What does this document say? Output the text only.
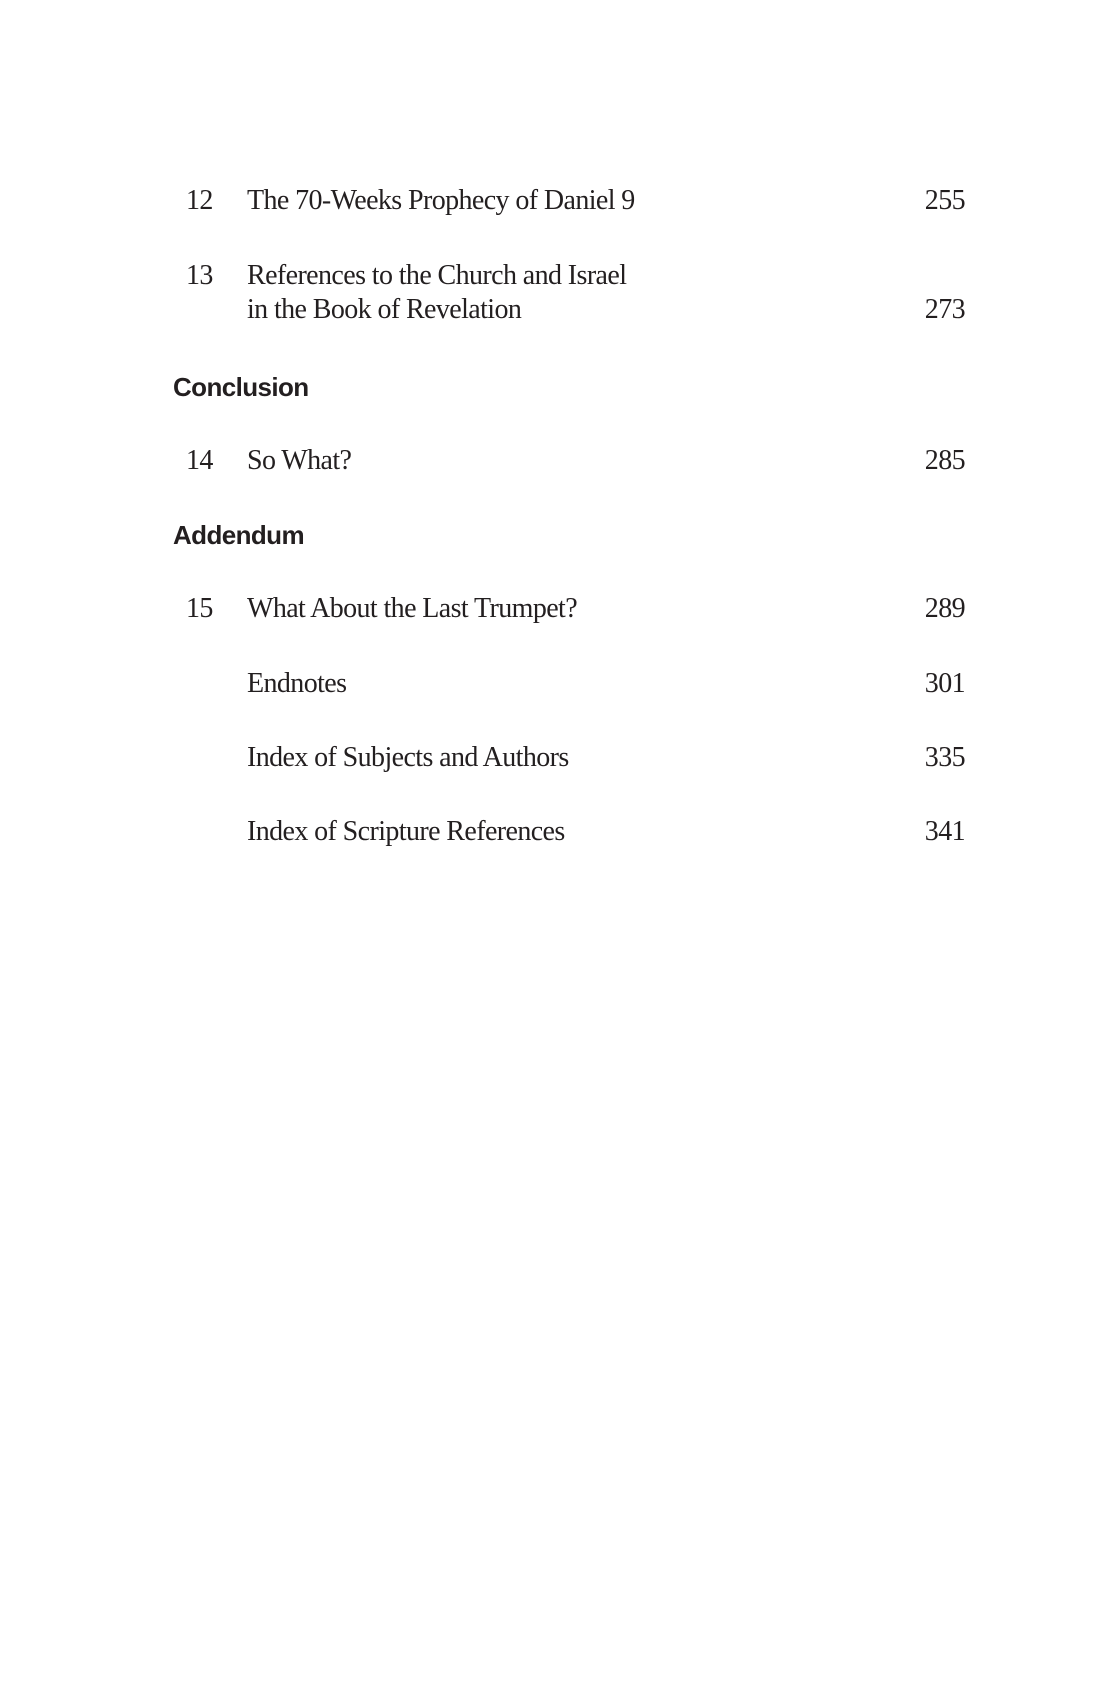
12 The 70-Weeks Prophecy of Daniel 9	255
13 References to the Church and Israel
in the Book of Revelation	273
Conclusion
14 So What?	285
Addendum
15 What About the Last Trumpet?	289
Endnotes	301
Index of Subjects and Authors	335
Index of Scripture References	341
